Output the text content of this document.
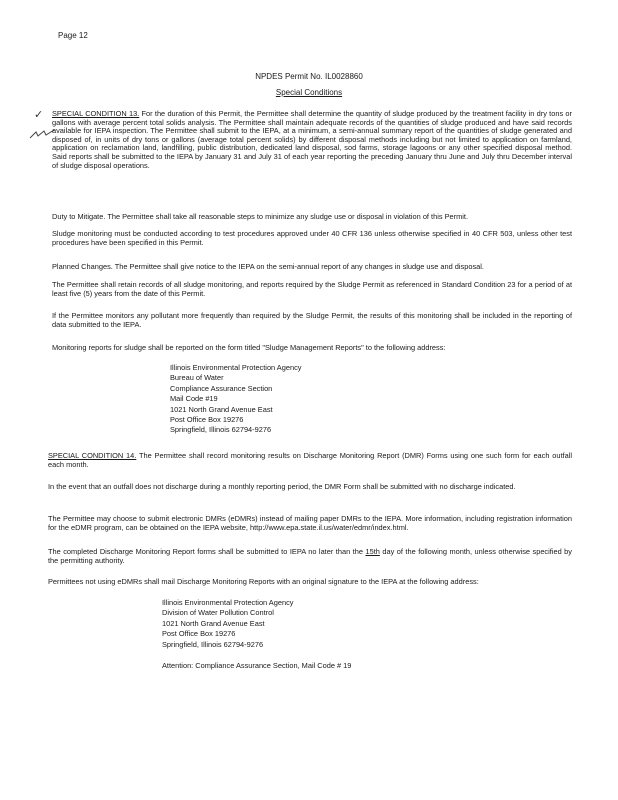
Page 12
NPDES Permit No. IL0028860
Special Conditions
✓ SPECIAL CONDITION 13. For the duration of this Permit, the Permittee shall determine the quantity of sludge produced by the treatment facility in dry tons or gallons with average percent total solids analysis. The Permittee shall maintain adequate records of the quantities of sludge produced and have said records available for IEPA inspection. The Permittee shall submit to the IEPA, at a minimum, a semi-annual summary report of the quantities of sludge generated and disposed of, in units of dry tons or gallons (average total percent solids) by different disposal methods including but not limited to application on farmland, application on reclamation land, landfilling, public distribution, dedicated land disposal, sod farms, storage lagoons or any other specified disposal method. Said reports shall be submitted to the IEPA by January 31 and July 31 of each year reporting the preceding January thru June and July thru December interval of sludge disposal operations.
Duty to Mitigate. The Permittee shall take all reasonable steps to minimize any sludge use or disposal in violation of this Permit.
Sludge monitoring must be conducted according to test procedures approved under 40 CFR 136 unless otherwise specified in 40 CFR 503, unless other test procedures have been specified in this Permit.
Planned Changes. The Permittee shall give notice to the IEPA on the semi-annual report of any changes in sludge use and disposal.
The Permittee shall retain records of all sludge monitoring, and reports required by the Sludge Permit as referenced in Standard Condition 23 for a period of at least five (5) years from the date of this Permit.
If the Permittee monitors any pollutant more frequently than required by the Sludge Permit, the results of this monitoring shall be included in the reporting of data submitted to the IEPA.
Monitoring reports for sludge shall be reported on the form titled "Sludge Management Reports" to the following address:
Illinois Environmental Protection Agency
Bureau of Water
Compliance Assurance Section
Mail Code #19
1021 North Grand Avenue East
Post Office Box 19276
Springfield, Illinois 62794-9276
SPECIAL CONDITION 14. The Permittee shall record monitoring results on Discharge Monitoring Report (DMR) Forms using one such form for each outfall each month.
In the event that an outfall does not discharge during a monthly reporting period, the DMR Form shall be submitted with no discharge indicated.
The Permittee may choose to submit electronic DMRs (eDMRs) instead of mailing paper DMRs to the IEPA. More information, including registration information for the eDMR program, can be obtained on the IEPA website, http://www.epa.state.il.us/water/edmr/index.html.
The completed Discharge Monitoring Report forms shall be submitted to IEPA no later than the 15th day of the following month, unless otherwise specified by the permitting authority.
Permittees not using eDMRs shall mail Discharge Monitoring Reports with an original signature to the IEPA at the following address:
Illinois Environmental Protection Agency
Division of Water Pollution Control
1021 North Grand Avenue East
Post Office Box 19276
Springfield, Illinois 62794-9276
Attention: Compliance Assurance Section, Mail Code # 19
